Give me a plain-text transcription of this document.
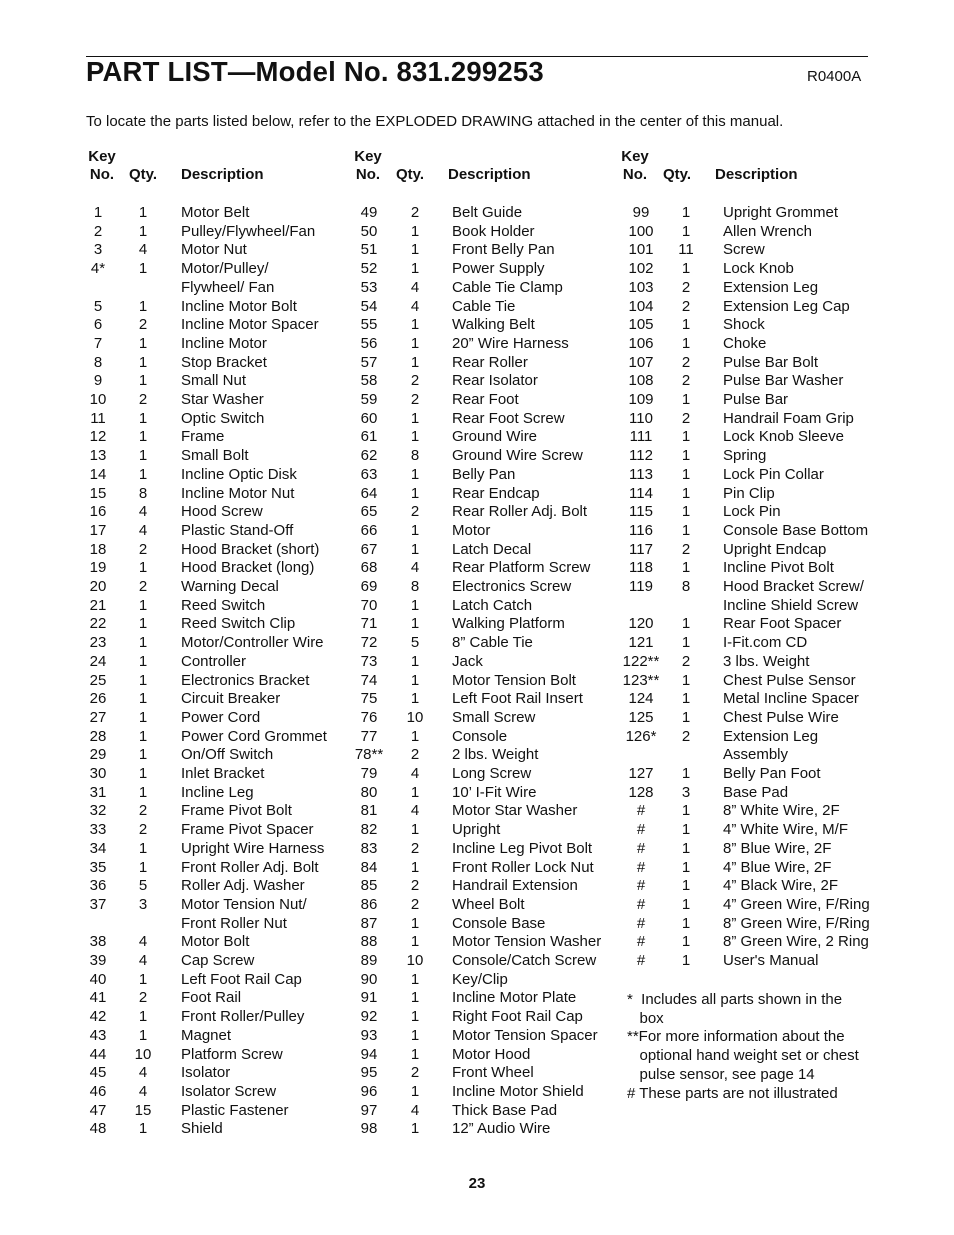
PART LIST—Model No. 831.299253	R0400A
To locate the parts listed below, refer to the EXPLODED DRAWING attached in the center of this manual.
Key
No. Qty. Description
Key
No. Qty. Description
Key
No. Qty. Description
1	1	Motor Belt
2	1	Pulley/Flywheel/Fan
3	4	Motor Nut
4*	1	Motor/Pulley/
Flywheel/ Fan
5	1	Incline Motor Bolt
6	2	Incline Motor Spacer
7	1	Incline Motor
8	1	Stop Bracket
9	1	Small Nut
10	2	Star Washer
11	1	Optic Switch
12	1	Frame
13	1	Small Bolt
14	1	Incline Optic Disk
15	8	Incline Motor Nut
16	4	Hood Screw
17	4	Plastic Stand-Off
18	2	Hood Bracket (short)
19	1	Hood Bracket (long)
20	2	Warning Decal
21	1	Reed Switch
22	1	Reed Switch Clip
23	1	Motor/Controller Wire
24	1	Controller
25	1	Electronics Bracket
26	1	Circuit Breaker
27	1	Power Cord
28	1	Power Cord Grommet
29	1	On/Off Switch
30	1	Inlet Bracket
31	1	Incline Leg
32	2	Frame Pivot Bolt
33	2	Frame Pivot Spacer
34	1	Upright Wire Harness
35	1	Front Roller Adj. Bolt
36	5	Roller Adj. Washer
37	3	Motor Tension Nut/
Front Roller Nut
38	4	Motor Bolt
39	4	Cap Screw
40	1	Left Foot Rail Cap
41	2	Foot Rail
42	1	Front Roller/Pulley
43	1	Magnet
44	10 Platform Screw
45	4	Isolator
46	4	Isolator Screw
47	15 Plastic Fastener
48	1	Shield
49	2	Belt Guide
50	1	Book Holder
51	1	Front Belly Pan
52	1	Power Supply
53	4	Cable Tie Clamp
54	4	Cable Tie
55	1	Walking Belt
56	1	20” Wire Harness
57	1	Rear Roller
58	2	Rear Isolator
59	2	Rear Foot
60	1	Rear Foot Screw
61	1	Ground Wire
62	8	Ground Wire Screw
63	1	Belly Pan
64	1	Rear Endcap
65	2	Rear Roller Adj. Bolt
66	1	Motor
67	1	Latch Decal
68	4	Rear Platform Screw
69	8	Electronics Screw
70	1	Latch Catch
71	1	Walking Platform
72	5	8” Cable Tie
73	1	Jack
74	1	Motor Tension Bolt
75	1	Left Foot Rail Insert
76	10 Small Screw
77	1	Console
78**	2	2 lbs. Weight
79	4	Long Screw
80	1	10’ I-Fit Wire
81	4	Motor Star Washer
82	1	Upright
83	2	Incline Leg Pivot Bolt
84	1	Front Roller Lock Nut
85	2	Handrail Extension
86	2	Wheel Bolt
87	1	Console Base
88	1	Motor Tension Washer
89	10 Console/Catch Screw
90	1	Key/Clip
91	1	Incline Motor Plate
92	1	Right Foot Rail Cap
93	1	Motor Tension Spacer
94	1	Motor Hood
95	2	Front Wheel
96	1	Incline Motor Shield
97	4	Thick Base Pad
98	1	12” Audio Wire
99	1	Upright Grommet
100	1	Allen Wrench
101	11 Screw
102	1	Lock Knob
103	2	Extension Leg
104	2	Extension Leg Cap
105	1	Shock
106	1	Choke
107	2	Pulse Bar Bolt
108	2	Pulse Bar Washer
109	1	Pulse Bar
110	2	Handrail Foam Grip
111	1	Lock Knob Sleeve
112	1	Spring
113	1	Lock Pin Collar
114	1	Pin Clip
115	1	Lock Pin
116	1	Console Base Bottom
117	2	Upright Endcap
118	1	Incline Pivot Bolt
119	8	Hood Bracket Screw/
Incline Shield Screw
120	1	Rear Foot Spacer
121	1	I-Fit.com CD
122**	2	3 lbs. Weight
123**	1	Chest Pulse Sensor
124	1	Metal Incline Spacer
125	1	Chest Pulse Wire
126*	2	Extension Leg
Assembly
127	1	Belly Pan Foot
128	3	Base Pad
#	1	8” White Wire, 2F
#	1	4” White Wire, M/F
#	1	8” Blue Wire, 2F
#	1	4” Blue Wire, 2F
#	1	4” Black Wire, 2F
#	1	4” Green Wire, F/Ring
#	1	8” Green Wire, F/Ring
#	1	8” Green Wire, 2 Ring
#	1	User's Manual
*  Includes all parts shown in the
box
**For more information about the
optional hand weight set or chest
pulse sensor, see page 14
# These parts are not illustrated
23
